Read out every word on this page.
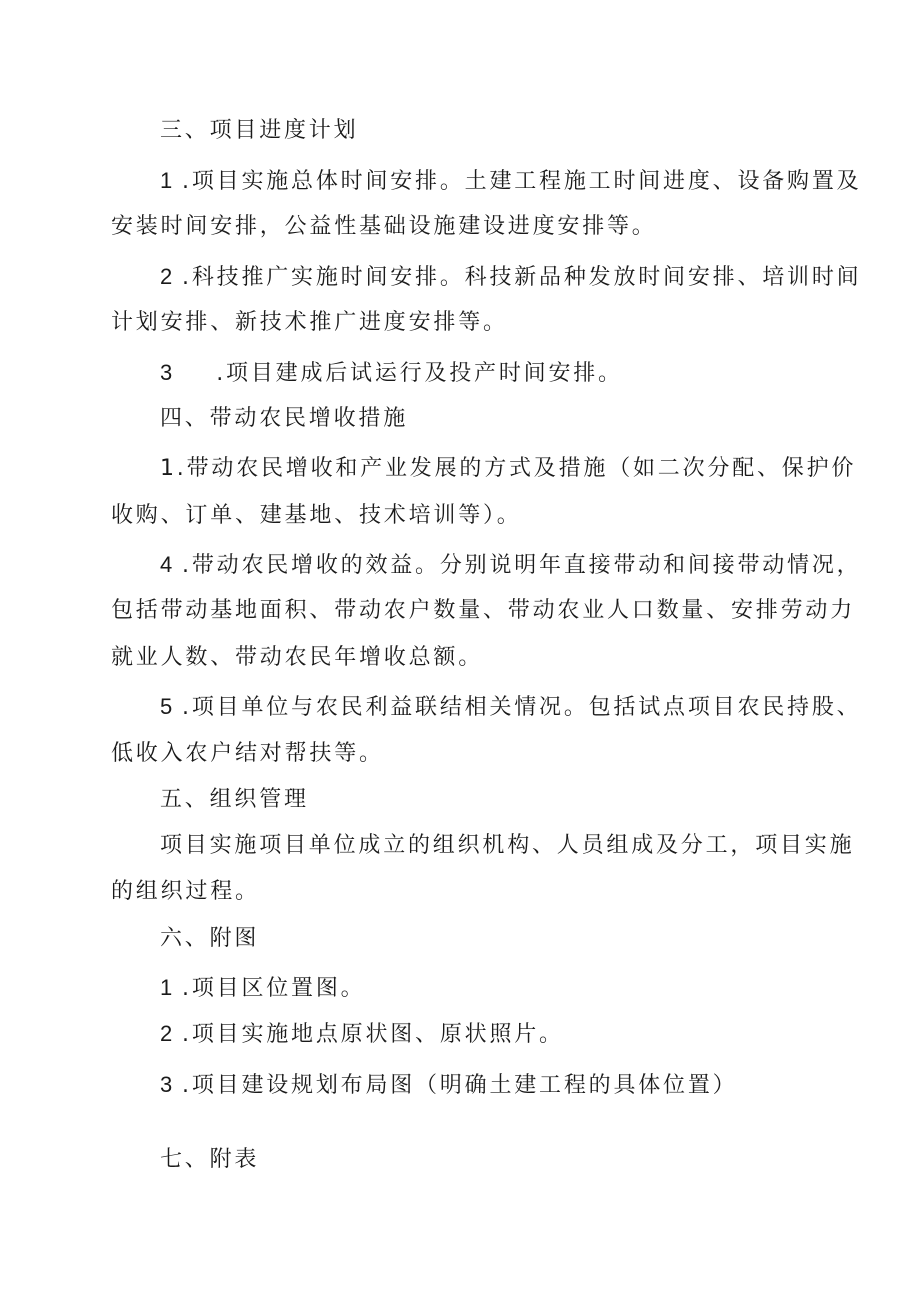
三、项目进度计划
1 .项目实施总体时间安排。土建工程施工时间进度、设备购置及
安装时间安排，公益性基础设施建设进度安排等。
2 .科技推广实施时间安排。科技新品种发放时间安排、培训时间
计划安排、新技术推广进度安排等。
3 .项目建成后试运行及投产时间安排。
四、带动农民增收措施
1.带动农民增收和产业发展的方式及措施（如二次分配、保护价
收购、订单、建基地、技术培训等）。
4 .带动农民增收的效益。分别说明年直接带动和间接带动情况，
包括带动基地面积、带动农户数量、带动农业人口数量、安排劳动力
就业人数、带动农民年增收总额。
5 .项目单位与农民利益联结相关情况。包括试点项目农民持股、
低收入农户结对帮扶等。
五、组织管理
项目实施项目单位成立的组织机构、人员组成及分工，项目实施
的组织过程。
六、附图
1 .项目区位置图。
2 .项目实施地点原状图、原状照片。
3 .项目建设规划布局图（明确土建工程的具体位置）
七、附表
